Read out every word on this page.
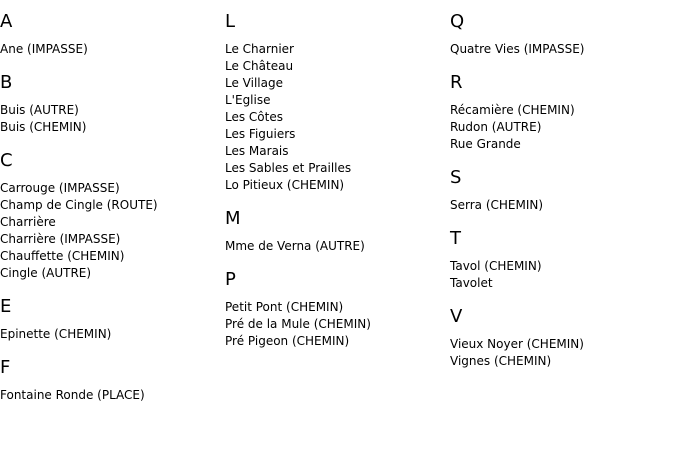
A
Ane (IMPASSE)
B
Buis (AUTRE)
Buis (CHEMIN)
C
Carrouge (IMPASSE)
Champ de Cingle (ROUTE)
Charrière
Charrière (IMPASSE)
Chauffette (CHEMIN)
Cingle (AUTRE)
E
Epinette (CHEMIN)
F
Fontaine Ronde (PLACE)
L
Le Charnier
Le Château
Le Village
L'Eglise
Les Côtes
Les Figuiers
Les Marais
Les Sables et Prailles
Lo Pitieux (CHEMIN)
M
Mme de Verna (AUTRE)
P
Petit Pont (CHEMIN)
Pré de la Mule (CHEMIN)
Pré Pigeon (CHEMIN)
Q
Quatre Vies (IMPASSE)
R
Récamière (CHEMIN)
Rudon (AUTRE)
Rue Grande
S
Serra (CHEMIN)
T
Tavol (CHEMIN)
Tavolet
V
Vieux Noyer (CHEMIN)
Vignes (CHEMIN)
